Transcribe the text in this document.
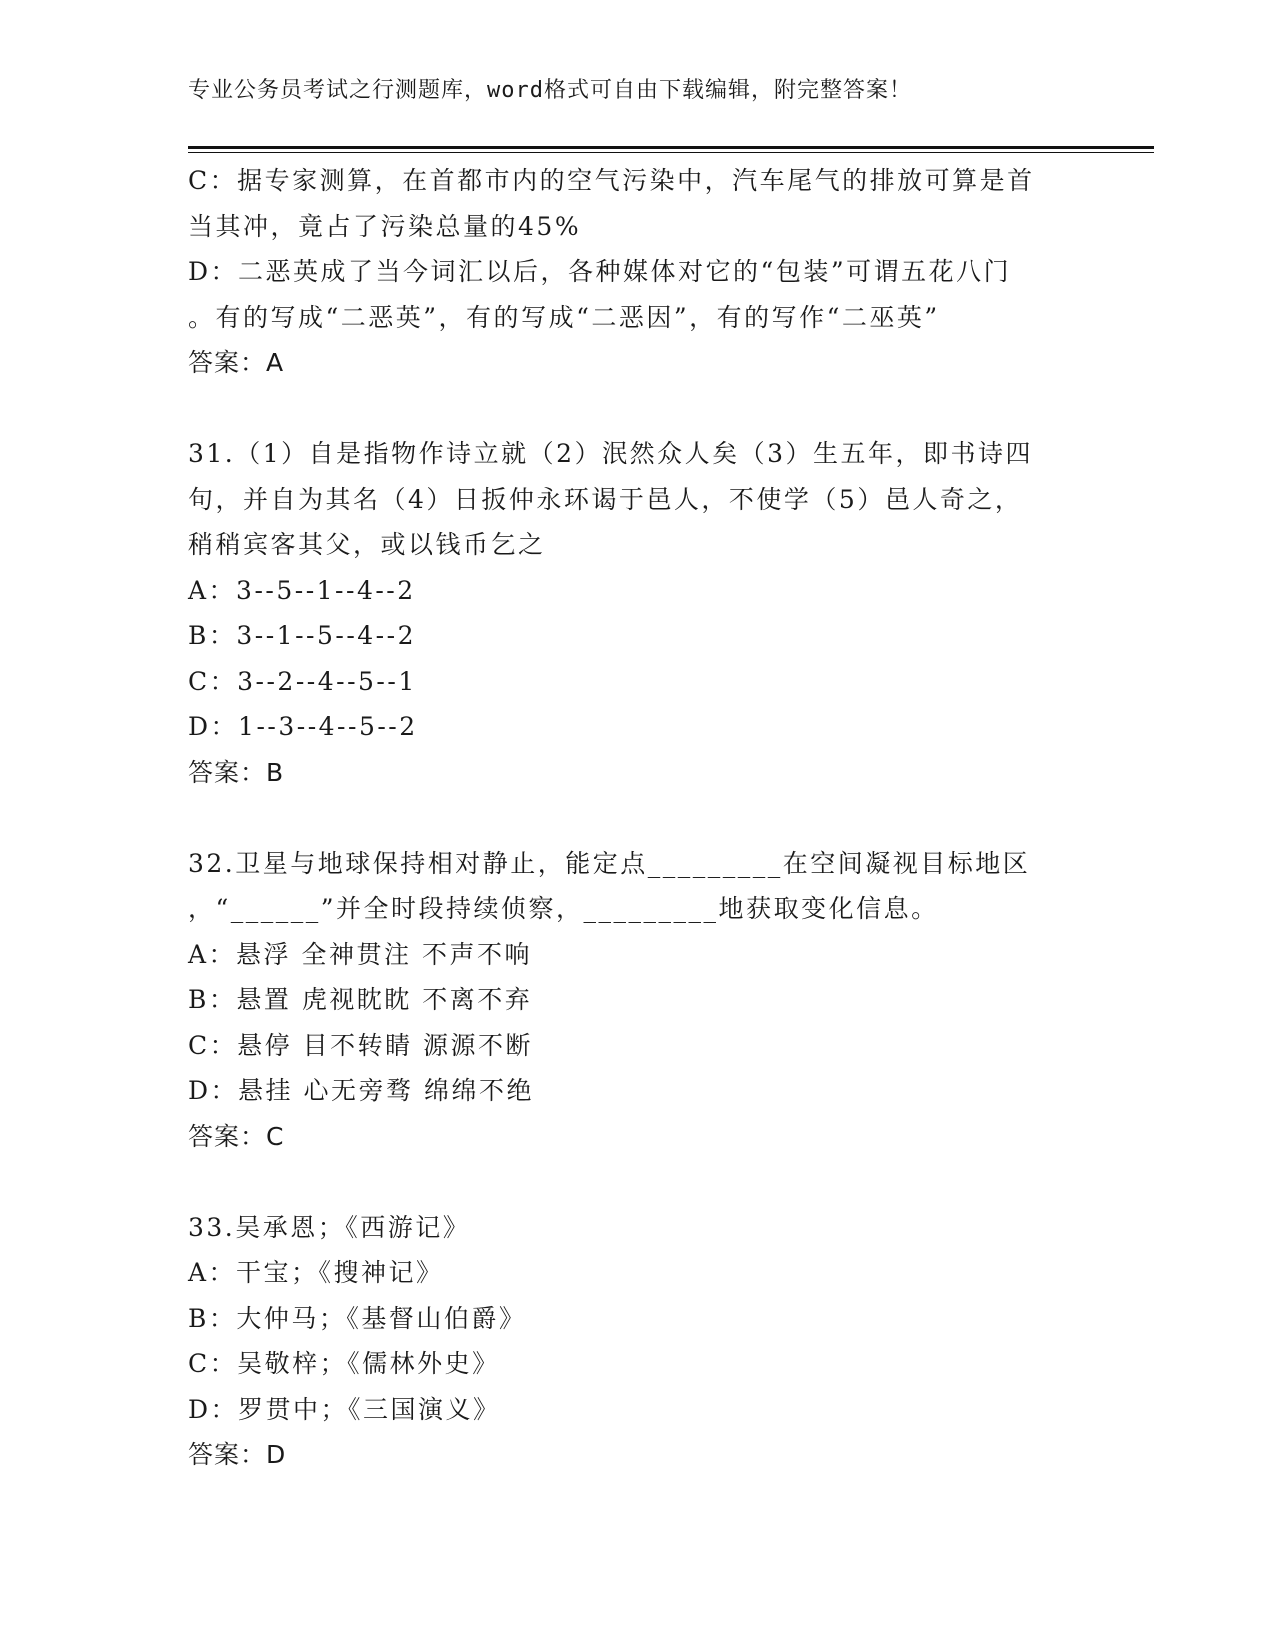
专业公务员考试之行测题库，word格式可自由下载编辑，附完整答案！

C：据专家测算，在首都市内的空气污染中，汽车尾气的排放可算是首

当其冲，竟占了污染总量的45%

D：二恶英成了当今词汇以后，各种媒体对它的“包装”可谓五花八门

。有的写成“二恶英”，有的写成“二恶因”，有的写作“二巫英”

答案：A

31.（1）自是指物作诗立就（2）泯然众人矣（3）生五年，即书诗四

句，并自为其名（4）日扳仲永环谒于邑人，不使学（5）邑人奇之，

稍稍宾客其父，或以钱币乞之

A：3--5--1--4--2

B：3--1--5--4--2

C：3--2--4--5--1

D：1--3--4--5--2

答案：B

32.卫星与地球保持相对静止，能定点_________在空间凝视目标地区

，“______”并全时段持续侦察，_________地获取变化信息。

A：悬浮 全神贯注 不声不响

B：悬置 虎视眈眈 不离不弃

C：悬停 目不转睛 源源不断

D：悬挂 心无旁骛 绵绵不绝

答案：C

33.吴承恩；《西游记》

A：干宝；《搜神记》

B：大仲马；《基督山伯爵》

C：吴敬梓；《儒林外史》

D：罗贯中；《三国演义》

答案：D
